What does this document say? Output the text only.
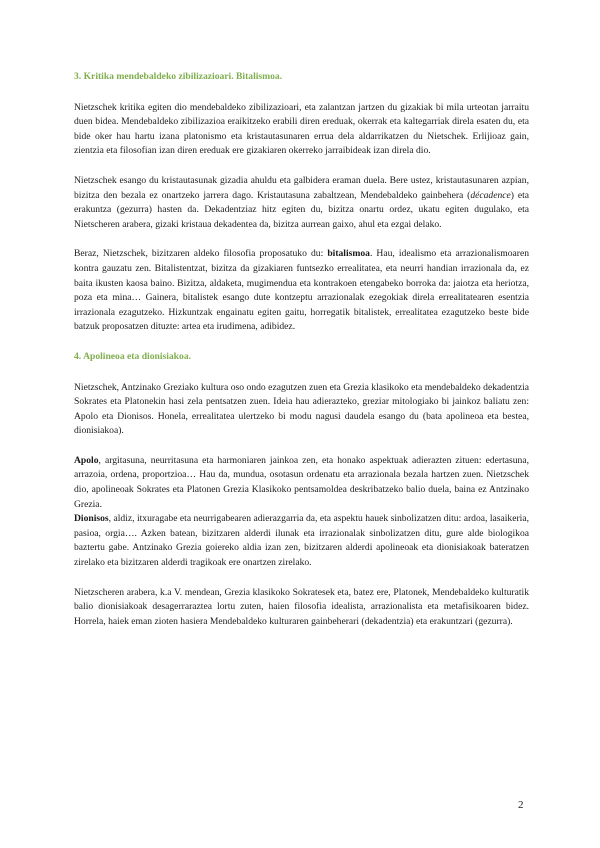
3. Kritika mendebaldeko zibilizazioari. Bitalismoa.

Nietzschek kritika egiten dio mendebaldeko zibilizazioari, eta zalantzan jartzen du gizakiak bi mila urteotan jarraitu duen bidea. Mendebaldeko zibilizazioa eraikitzeko erabili diren ereduak, okerrak eta kaltegarriak direla esaten du, eta bide oker hau hartu izana platonismo eta kristautasunaren errua dela aldarrikatzen du Nietschek. Erlijioaz gain, zientzia eta filosofian izan diren ereduak ere gizakiaren okerreko jarraibideak izan direla dio.

Nietzschek esango du kristautasunak gizadia ahuldu eta galbidera eraman duela. Bere ustez, kristautasunaren azpian, bizitza den bezala ez onartzeko jarrera dago. Kristautasuna zabaltzean, Mendebaldeko gainbehera (décadence) eta erakuntza (gezurra) hasten da. Dekadentziaz hitz egiten du, bizitza onartu ordez, ukatu egiten dugulako, eta Nietscheren arabera, gizaki kristaua dekadentea da, bizitza aurrean gaixo, ahul eta ezgai delako.

Beraz, Nietzschek, bizitzaren aldeko filosofia proposatuko du: bitalismoa. Hau, idealismo eta arrazionalismoaren kontra gauzatu zen. Bitalistentzat, bizitza da gizakiaren funtsezko errealitatea, eta neurri handian irrazionala da, ez baita ikusten kaosa baino. Bizitza, aldaketa, mugimendua eta kontrakoen etengabeko borroka da: jaiotza eta heriotza, poza eta mina… Gainera, bitalistek esango dute kontzeptu arrazionalak ezegokiak direla errealitatearen esentzia irrazionala ezagutzeko. Hizkuntzak engainatu egiten gaitu, horregatik bitalistek, errealitatea ezagutzeko beste bide batzuk proposatzen dituzte: artea eta irudimena, adibidez.

4. Apolineoa eta dionisiakoa.

Nietzschek, Antzinako Greziako kultura oso ondo ezagutzen zuen eta Grezia klasikoko eta mendebaldeko dekadentzia Sokrates eta Platonekin hasi zela pentsatzen zuen. Ideia hau adierazteko, greziar mitologiako bi jainkoz baliatu zen: Apolo eta Dionisos. Honela, errealitatea ulertzeko bi modu nagusi daudela esango du (bata apolineoa eta bestea, dionisiakoa).

Apolo, argitasuna, neurritasuna eta harmoniaren jainkoa zen, eta honako aspektuak adierazten zituen: edertasuna, arrazoia, ordena, proportzioa… Hau da, mundua, osotasun ordenatu eta arrazionala bezala hartzen zuen. Nietzschek dio, apolineoak Sokrates eta Platonen Grezia Klasikoko pentsamoldea deskribatzeko balio duela, baina ez Antzinako Grezia.

Dionisos, aldiz, itxuragabe eta neurrigabearen adierazgarria da, eta aspektu hauek sinbolizatzen ditu: ardoa, lasaikeria, pasioa, orgia…. Azken batean, bizitzaren alderdi ilunak eta irrazionalak sinbolizatzen ditu, gure alde biologikoa baztertu gabe. Antzinako Grezia goiereko aldia izan zen, bizitzaren alderdi apolineoak eta dionisiakoak bateratzen zirelako eta bizitzaren alderdi tragikoak ere onartzen zirelako.

Nietzscheren arabera, k.a V. mendean, Grezia klasikoko Sokratesek eta, batez ere, Platonek, Mendebaldeko kulturatik balio dionisiakoak desagerrarazteа lortu zuten, haien filosofia idealista, arrazionalista eta metafisikoaren bidez. Horrela, haiek eman zioten hasiera Mendebaldeko kulturaren gainbeherari (dekadentzia) eta erakuntzari (gezurra).

2
